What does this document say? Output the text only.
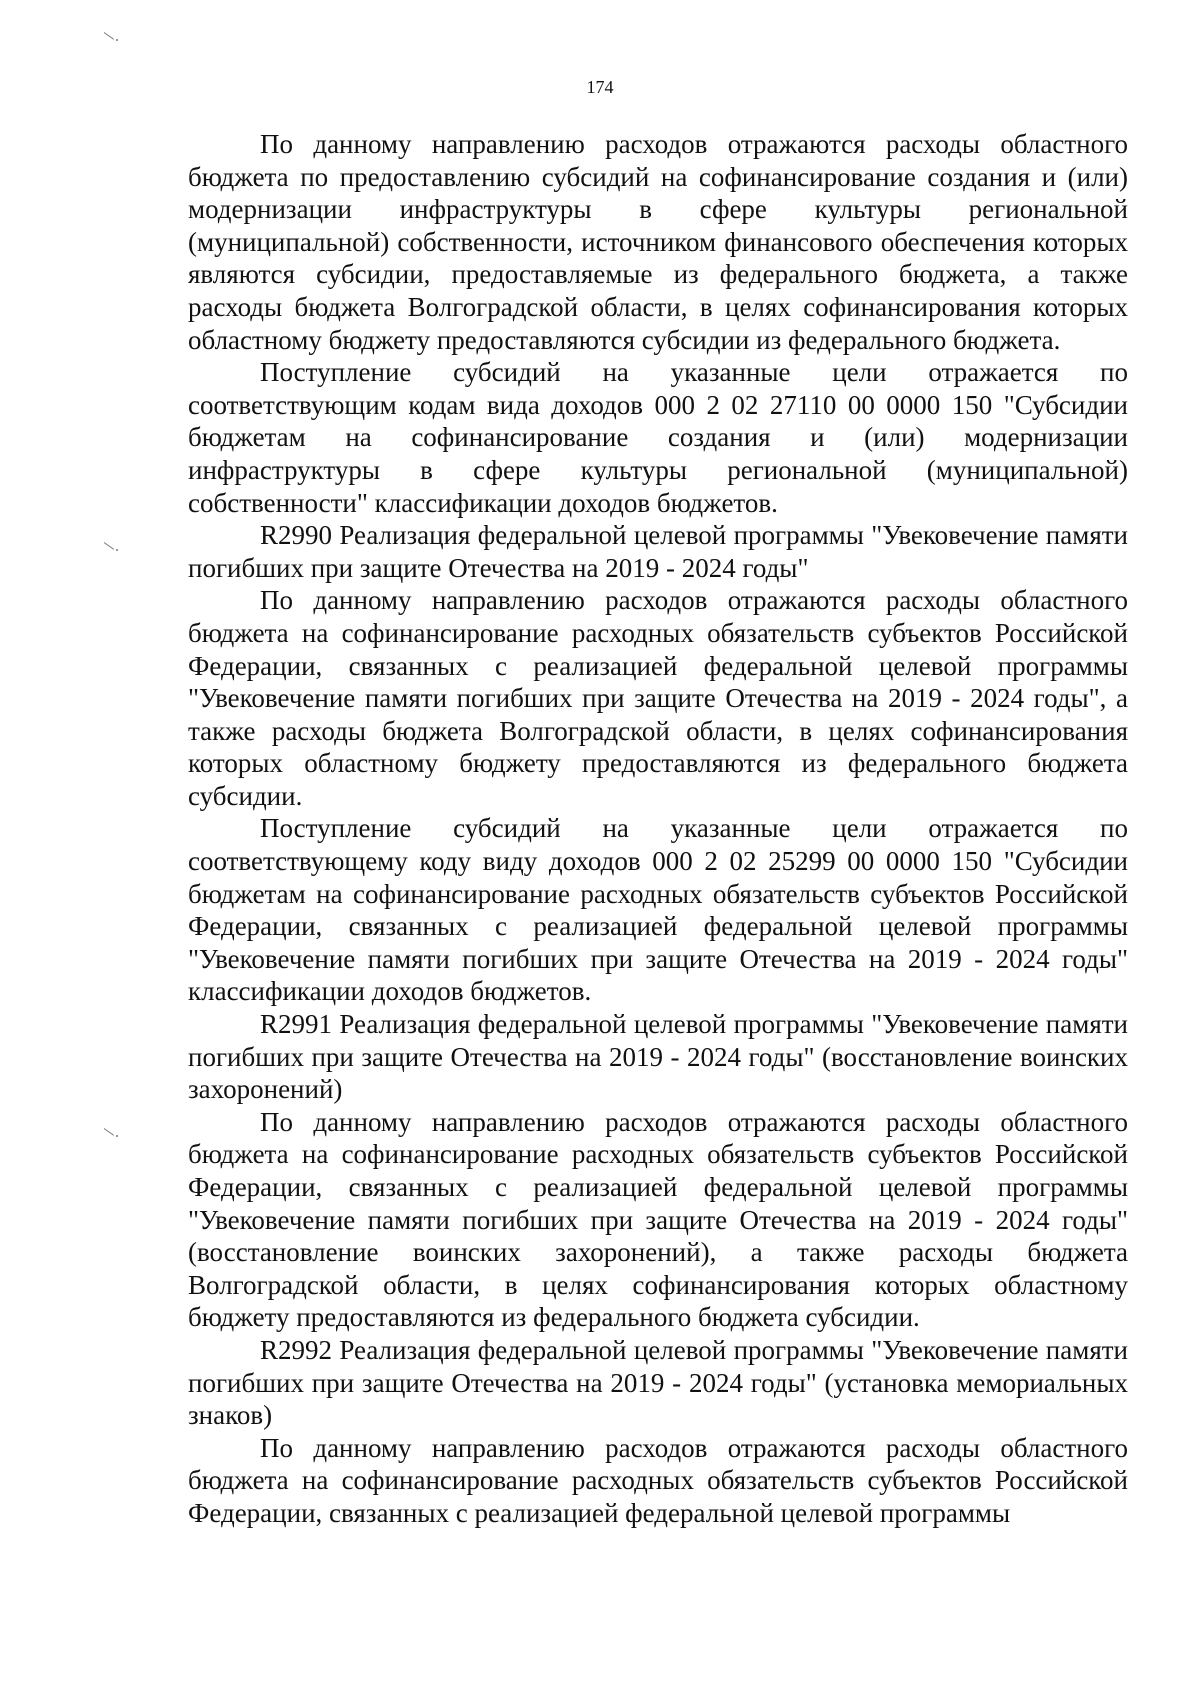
174

По данному направлению расходов отражаются расходы областного бюджета по предоставлению субсидий на софинансирование создания и (или) модернизации инфраструктуры в сфере культуры региональной (муниципальной) собственности, источником финансового обеспечения которых являются субсидии, предоставляемые из федерального бюджета, а также расходы бюджета Волгоградской области, в целях софинансирования которых областному бюджету предоставляются субсидии из федерального бюджета.

Поступление субсидий на указанные цели отражается по соответствующим кодам вида доходов 000 2 02 27110 00 0000 150 "Субсидии бюджетам на софинансирование создания и (или) модернизации инфраструктуры в сфере культуры региональной (муниципальной) собственности" классификации доходов бюджетов.

R2990 Реализация федеральной целевой программы "Увековечение памяти погибших при защите Отечества на 2019 - 2024 годы"

По данному направлению расходов отражаются расходы областного бюджета на софинансирование расходных обязательств субъектов Российской Федерации, связанных с реализацией федеральной целевой программы "Увековечение памяти погибших при защите Отечества на 2019 - 2024 годы", а также расходы бюджета Волгоградской области, в целях софинансирования которых областному бюджету предоставляются из федерального бюджета субсидии.

Поступление субсидий на указанные цели отражается по соответствующему коду виду доходов 000 2 02 25299 00 0000 150 "Субсидии бюджетам на софинансирование расходных обязательств субъектов Российской Федерации, связанных с реализацией федеральной целевой программы "Увековечение памяти погибших при защите Отечества на 2019 - 2024 годы" классификации доходов бюджетов.

R2991 Реализация федеральной целевой программы "Увековечение памяти погибших при защите Отечества на 2019 - 2024 годы" (восстановление воинских захоронений)

По данному направлению расходов отражаются расходы областного бюджета на софинансирование расходных обязательств субъектов Российской Федерации, связанных с реализацией федеральной целевой программы "Увековечение памяти погибших при защите Отечества на 2019 - 2024 годы" (восстановление воинских захоронений), а также расходы бюджета Волгоградской области, в целях софинансирования которых областному бюджету предоставляются из федерального бюджета субсидии.

R2992 Реализация федеральной целевой программы "Увековечение памяти погибших при защите Отечества на 2019 - 2024 годы" (установка мемориальных знаков)

По данному направлению расходов отражаются расходы областного бюджета на софинансирование расходных обязательств субъектов Российской Федерации, связанных с реализацией федеральной целевой программы
